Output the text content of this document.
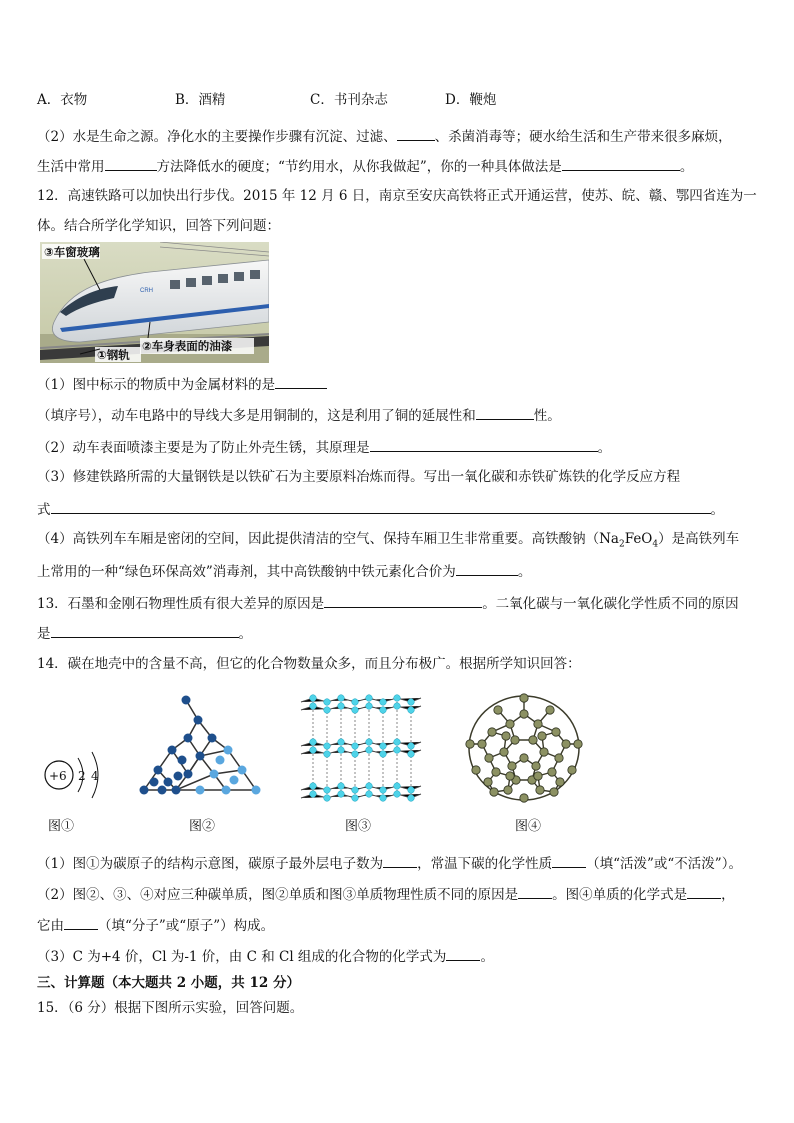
A．衣物	B．酒精	C．书刊杂志	D．鞭炮
（2）水是生命之源。净化水的主要操作步骤有沉淀、过滤、	、杀菌消毒等；硬水给生活和生产带来很多麻烦，
生活中常用	方法降低水的硬度；“节约用水，从你我做起”，你的一种具体做法是	。
12．高速铁路可以加快出行步伐。2015 年 12 月 6 日，南京至安庆高铁将正式开通运营，使苏、皖、赣、鄂四省连为一
体。结合所学化学知识，回答下列问题：
CRH
③车窗玻璃
②车身表面的油漆
①钢轨
（1）图中标示的物质中为金属材料的是
（填序号），动车电路中的导线大多是用铜制的，这是利用了铜的延展性和	性。
（2）动车表面喷漆主要是为了防止外壳生锈，其原理是	。
（3）修建铁路所需的大量钢铁是以铁矿石为主要原料冶炼而得。写出一氧化碳和赤铁矿炼铁的化学反应方程
式	。
（4）高铁列车车厢是密闭的空间，因此提供清洁的空气、保持车厢卫生非常重要。高铁酸钠$(Na_2FeO_4)$是高铁列车
上常用的一种“绿色环保高效”消毒剂，其中高铁酸钠中铁元素化合价为	。
13．石墨和金刚石物理性质有很大差异的原因是	。二氧化碳与一氧化碳化学性质不同的原因
是	。
14．碳在地壳中的含量不高，但它的化合物数量众多，而且分布极广。根据所学知识回答：
+6 2 4
图①	图②	图③	图④
（1）图①为碳原子的结构示意图，碳原子最外层电子数为	，常温下碳的化学性质	（填“活泼”或“不活泼”）。
（2）图②、③、④对应三种碳单质，图②单质和图③单质物理性质不同的原因是	。图④单质的化学式是	，
它由	（填“分子”或“原子”）构成。
（3）C 为+4 价，Cl 为-1 价，由 C 和 Cl 组成的化合物的化学式为	。
三、计算题（本大题共 2 小题，共 12 分）
15．（6 分）根据下图所示实验，回答问题。
